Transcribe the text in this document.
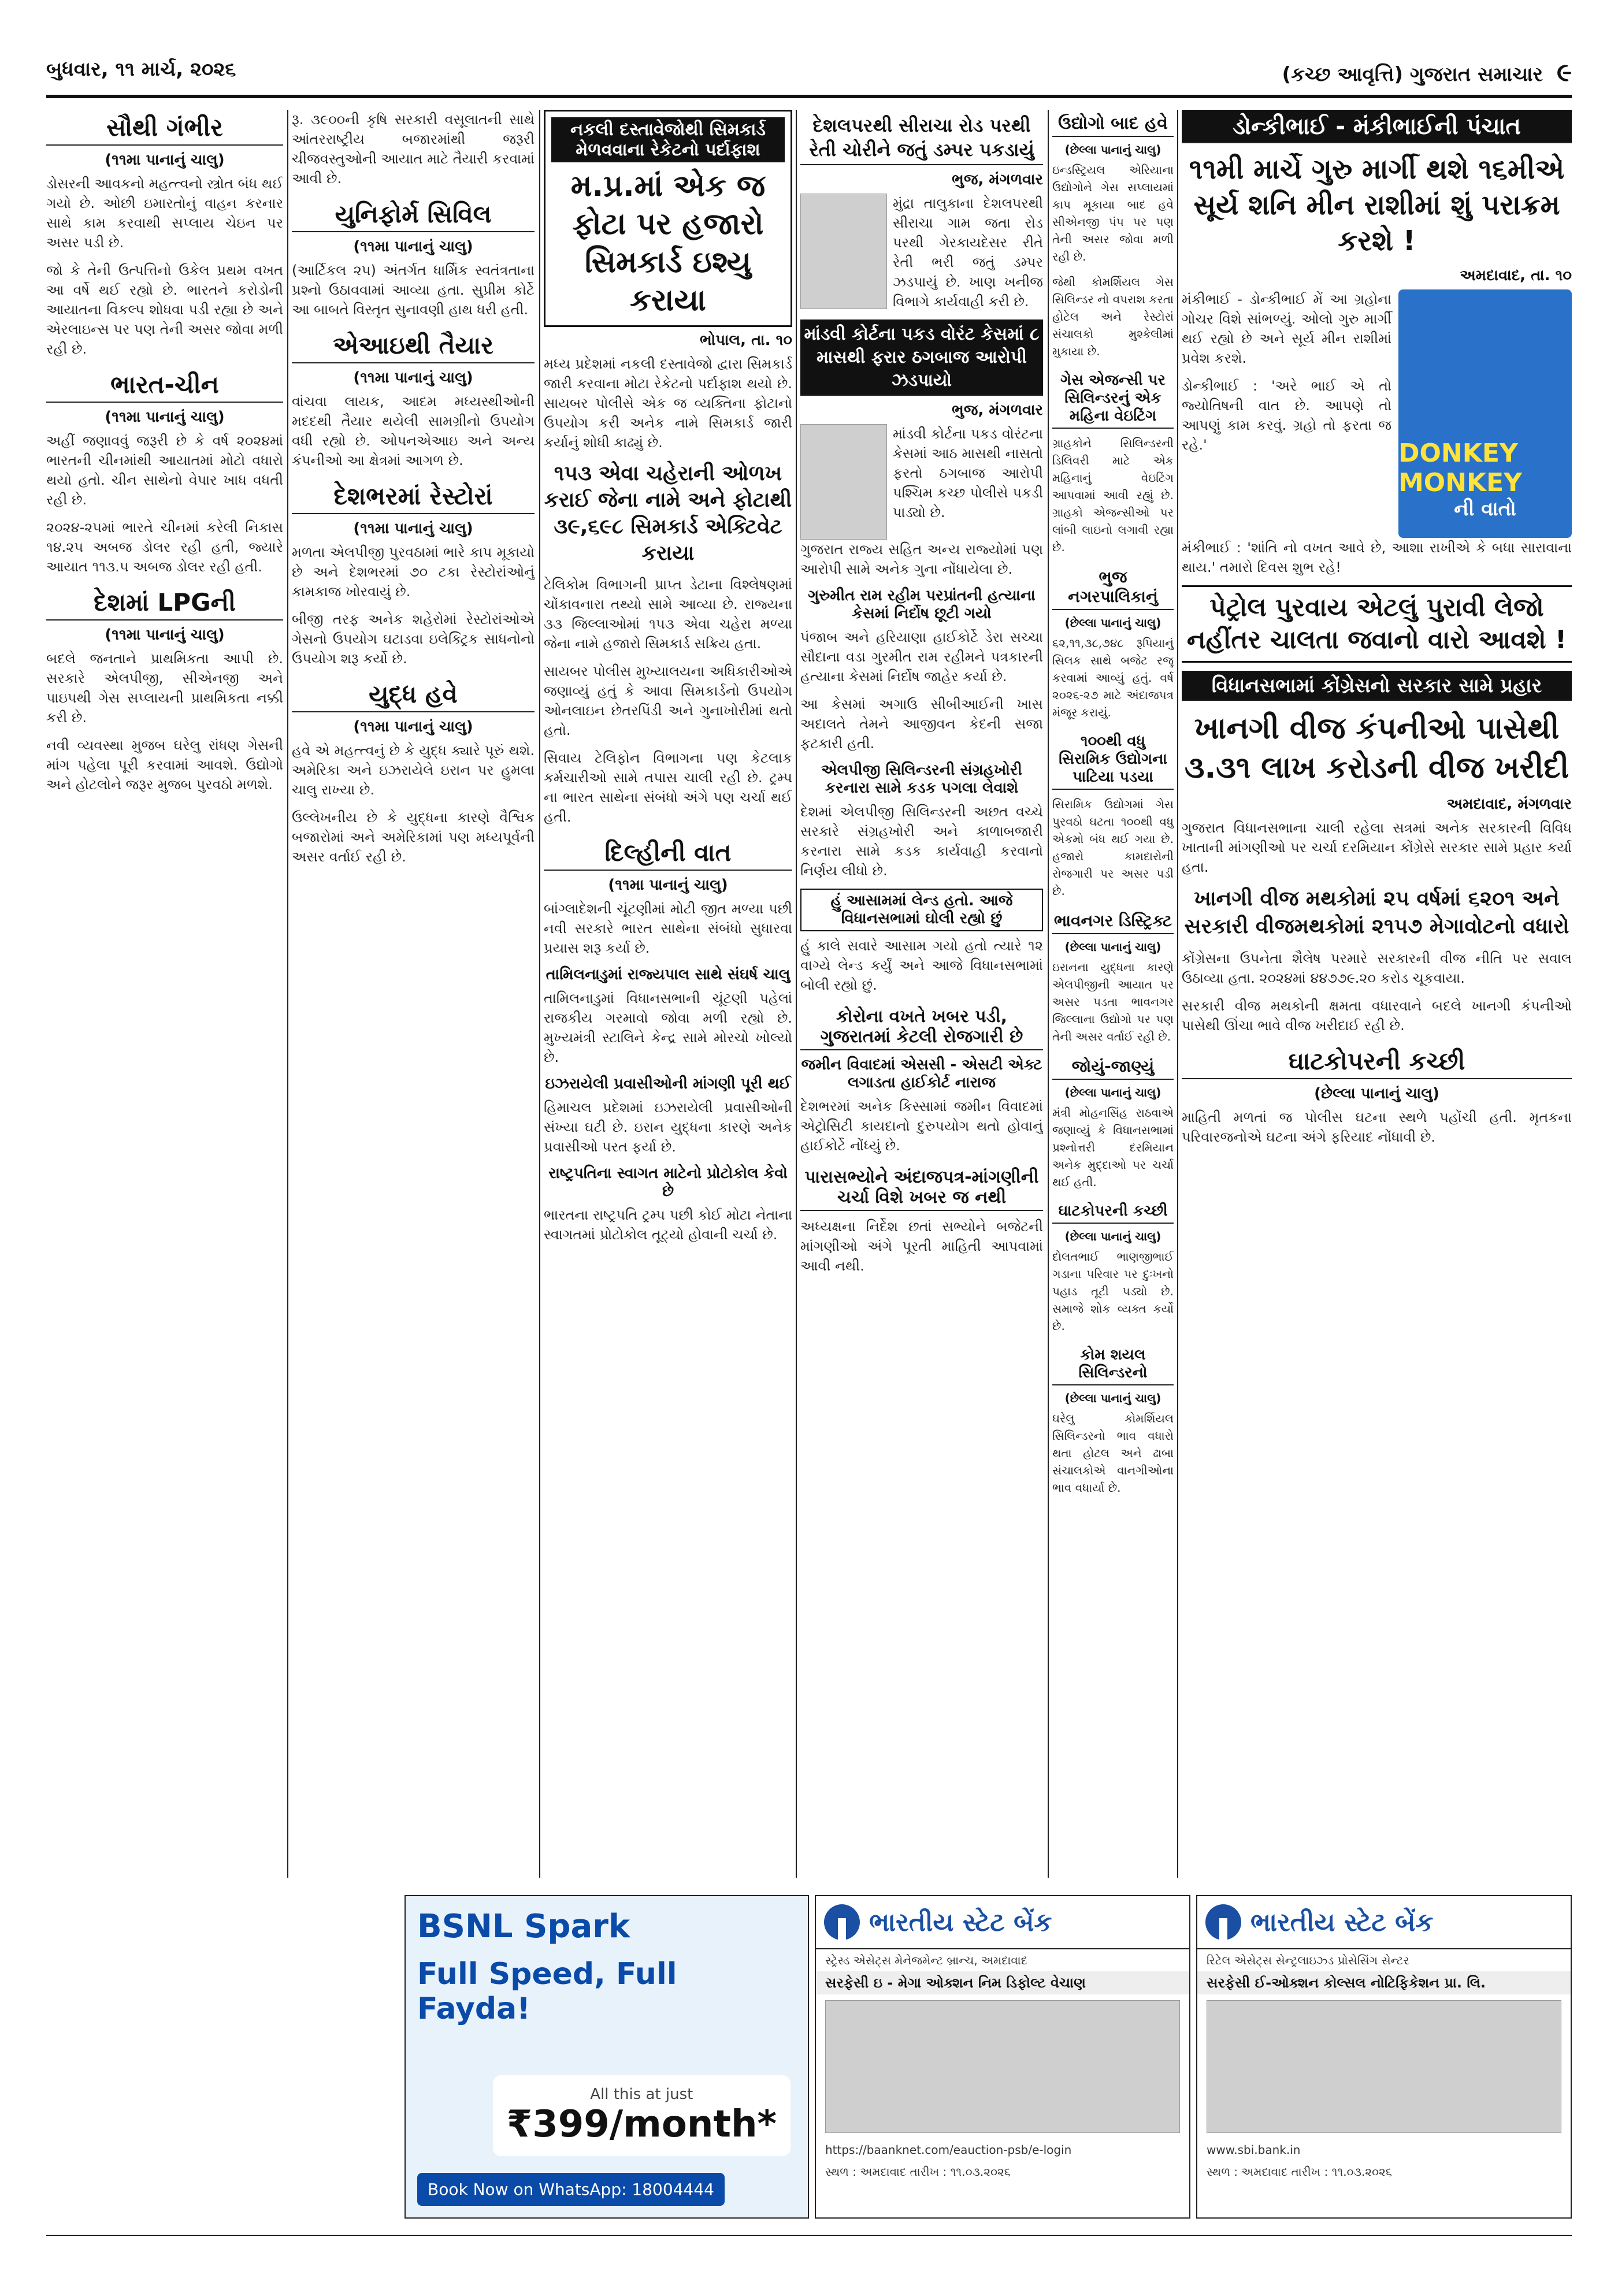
બુધવાર, ૧૧ માર્ચ, ૨૦૨૬	(કચ્છ આવૃત્તિ) ગુજરાત સમાચાર ૯
સૌથી ગંભીર
(૧૧મા પાનાનું ચાલુ)

ડોસરની આવકનો મહત્ત્વનો સ્ત્રોત બંધ થઈ ગયો છે. ઓછી ઇમારતોનું વાહન કરનાર સાથે કામ કરવાથી સપ્લાય ચેઇન પર અસર પડી છે.

જો કે તેની ઉત્પત્તિનો ઉકેલ પ્રથમ વખત આ વર્ષે થઈ રહ્યો છે. ભારતને કરોડોની આયાતના વિકલ્પ શોધવા પડી રહ્યા છે અને એરલાઇન્સ પર પણ તેની અસર જોવા મળી રહી છે.

ભારત-ચીન
(૧૧મા પાનાનું ચાલુ)

અહીં જણાવવું જરૂરી છે કે વર્ષ ૨૦૨૪માં ભારતની ચીનમાંથી આયાતમાં મોટો વધારો થયો હતો. ચીન સાથેનો વેપાર ખાધ વધતી રહી છે.

૨૦૨૪-૨૫માં ભારતે ચીનમાં કરેલી નિકાસ ૧૪.૨૫ અબજ ડોલર રહી હતી, જ્યારે આયાત ૧૧૩.૫ અબજ ડોલર રહી હતી.

દેશમાં LPGની
(૧૧મા પાનાનું ચાલુ)

બદલે જનતાને પ્રાથમિકતા આપી છે. સરકારે એલપીજી, સીએનજી અને પાઇપથી ગેસ સપ્લાયની પ્રાથમિકતા નક્કી કરી છે.

નવી વ્યવસ્થા મુજબ ઘરેલુ રાંધણ ગેસની માંગ પહેલા પૂરી કરવામાં આવશે. ઉદ્યોગો અને હોટલોને જરૂર મુજબ પુરવઠો મળશે.

રૂ. ૩૯૦૦ની કૃષિ સરકારી વસૂલાતની સાથે આંતરરાષ્ટ્રીય બજારમાંથી જરૂરી ચીજવસ્તુઓની આયાત માટે તૈયારી કરવામાં આવી છે.

યુનિફોર્મ સિવિલ
(૧૧મા પાનાનું ચાલુ)

(આર્ટિકલ ૨૫) અંતર્ગત ધાર્મિક સ્વતંત્રતાના પ્રશ્નો ઉઠાવવામાં આવ્યા હતા. સુપ્રીમ કોર્ટે આ બાબતે વિસ્તૃત સુનાવણી હાથ ધરી હતી.

એઆઇથી તૈયાર
(૧૧મા પાનાનું ચાલુ)

વાંચવા લાયક, આદમ મધ્યસ્થીઓની મદદથી તૈયાર થયેલી સામગ્રીનો ઉપયોગ વધી રહ્યો છે. ઓપનએઆઇ અને અન્ય કંપનીઓ આ ક્ષેત્રમાં આગળ છે.

દેશભરમાં રેસ્ટોરાં
(૧૧મા પાનાનું ચાલુ)

મળતા એલપીજી પુરવઠામાં ભારે કાપ મૂકાયો છે અને દેશભરમાં ૭૦ ટકા રેસ્ટોરાંઓનું કામકાજ ખોરવાયું છે.

બીજી તરફ અનેક શહેરોમાં રેસ્ટોરાંઓએ ગેસનો ઉપયોગ ઘટાડવા ઇલેક્ટ્રિક સાધનોનો ઉપયોગ શરૂ કર્યો છે.

યુદ્ધ હવે
(૧૧મા પાનાનું ચાલુ)

હવે એ મહત્ત્વનું છે કે યુદ્ધ ક્યારે પૂરું થશે. અમેરિકા અને ઇઝરાયેલે ઇરાન પર હુમલા ચાલુ રાખ્યા છે.

ઉલ્લેખનીય છે કે યુદ્ધના કારણે વૈશ્વિક બજારોમાં અને અમેરિકામાં પણ મધ્યપૂર્વની અસર વર્તાઈ રહી છે.

નકલી દસ્તાવેજોથી સિમકાર્ડ મેળવવાના રેકેટનો પર્દાફાશ
મ.પ્ર.માં એક જ ફોટા પર હજારો સિમકાર્ડ ઇશ્યુ કરાયા
ભોપાલ, તા. ૧૦

મધ્ય પ્રદેશમાં નકલી દસ્તાવેજો દ્વારા સિમકાર્ડ જારી કરવાના મોટા રેકેટનો પર્દાફાશ થયો છે. સાયબર પોલીસે એક જ વ્યક્તિના ફોટાનો ઉપયોગ કરી અનેક નામે સિમકાર્ડ જારી કર્યાનું શોધી કાઢ્યું છે.

૧૫૩ એવા ચહેરાની ઓળખ કરાઈ જેના નામે અને ફોટાથી ૩૯,૬૯૮ સિમકાર્ડ એક્ટિવેટ કરાયા

ટેલિકોમ વિભાગની પ્રાપ્ત ડેટાના વિશ્લેષણમાં ચોંકાવનારા તથ્યો સામે આવ્યા છે. રાજ્યના ૩૩ જિલ્લાઓમાં ૧૫૩ એવા ચહેરા મળ્યા જેના નામે હજારો સિમકાર્ડ સક્રિય હતા.

સાયબર પોલીસ મુખ્યાલયના અધિકારીઓએ જણાવ્યું હતું કે આવા સિમકાર્ડનો ઉપયોગ ઓનલાઇન છેતરપિંડી અને ગુનાખોરીમાં થતો હતો.

સિવાય ટેલિફોન વિભાગના પણ કેટલાક કર્મચારીઓ સામે તપાસ ચાલી રહી છે. ટ્રમ્પ ના ભારત સાથેના સંબંધો અંગે પણ ચર્ચા થઈ હતી.

દિલ્હીની વાત
(૧૧મા પાનાનું ચાલુ)

બાંગ્લાદેશની ચૂંટણીમાં મોટી જીત મળ્યા પછી નવી સરકારે ભારત સાથેના સંબંધો સુધારવા પ્રયાસ શરૂ કર્યા છે.

તામિલનાડુમાં રાજ્યપાલ સાથે સંઘર્ષ ચાલુ

તામિલનાડુમાં વિધાનસભાની ચૂંટણી પહેલાં રાજકીય ગરમાવો જોવા મળી રહ્યો છે. મુખ્યમંત્રી સ્ટાલિને કેન્દ્ર સામે મોરચો ખોલ્યો છે.

ઇઝરાયેલી પ્રવાસીઓની માંગણી પૂરી થઈ

હિમાચલ પ્રદેશમાં ઇઝરાયેલી પ્રવાસીઓની સંખ્યા ઘટી છે. ઇરાન યુદ્ધના કારણે અનેક પ્રવાસીઓ પરત ફર્યા છે.

રાષ્ટ્રપતિના સ્વાગત માટેનો પ્રોટોકોલ કેવો છે

ભારતના રાષ્ટ્રપતિ ટ્રમ્પ પછી કોઈ મોટા નેતાના સ્વાગતમાં પ્રોટોકોલ તૂટ્યો હોવાની ચર્ચા છે.

દેશલપરથી સીરાચા રોડ પરથી રેતી ચોરીને જતું ડમ્પર પકડાયું
ભુજ, મંગળવાર

મુંદ્રા તાલુકાના દેશલપરથી સીરાચા ગામ જતા રોડ પરથી ગેરકાયદેસર રીતે રેતી ભરી જતું ડમ્પર ઝડપાયું છે. ખાણ ખનીજ વિભાગે કાર્યવાહી કરી છે.

માંડવી કોર્ટના પકડ વોરંટ કેસમાં ૮ માસથી ફરાર ઠગબાજ આરોપી ઝડપાયો
ભુજ, મંગળવાર

માંડવી કોર્ટના પકડ વોરંટના કેસમાં આઠ માસથી નાસતો ફરતો ઠગબાજ આરોપી પશ્ચિમ કચ્છ પોલીસે પકડી પાડ્યો છે.

ગુજરાત રાજ્ય સહિત અન્ય રાજ્યોમાં પણ આરોપી સામે અનેક ગુના નોંધાયેલા છે.

ગુરુમીત રામ રહીમ પરપ્રાંતની હત્યાના કેસમાં નિર્દોષ છૂટી ગયો

પંજાબ અને હરિયાણા હાઈકોર્ટે ડેરા સચ્ચા સૌદાના વડા ગુરમીત રામ રહીમને પત્રકારની હત્યાના કેસમાં નિર્દોષ જાહેર કર્યા છે.

આ કેસમાં અગાઉ સીબીઆઈની ખાસ અદાલતે તેમને આજીવન કેદની સજા ફટકારી હતી.

એલપીજી સિલિન્ડરની સંગ્રહખોરી કરનારા સામે કડક પગલા લેવાશે

દેશમાં એલપીજી સિલિન્ડરની અછત વચ્ચે સરકારે સંગ્રહખોરી અને કાળાબજારી કરનારા સામે કડક કાર્યવાહી કરવાનો નિર્ણય લીધો છે.

હું આસામમાં લેન્ડ હતો. આજે વિધાનસભામાં ઘોલી રહ્યો છું

હું કાલે સવારે આસામ ગયો હતો ત્યારે ૧૨ વાગ્યે લેન્ડ કર્યું અને આજે વિધાનસભામાં બોલી રહ્યો છું.

કોરોના વખતે ખબર પડી, ગુજરાતમાં કેટલી રોજગારી છે
જમીન વિવાદમાં એસસી - એસટી એક્ટ લગાડતા હાઈકોર્ટ નારાજ

દેશભરમાં અનેક કિસ્સામાં જમીન વિવાદમાં એટ્રોસિટી કાયદાનો દુરુપયોગ થતો હોવાનું હાઈકોર્ટે નોંધ્યું છે.

પારાસભ્યોને અંદાજપત્ર-માંગણીની ચર્ચા વિશે ખબર જ નથી

અધ્યક્ષના નિર્દેશ છતાં સભ્યોને બજેટની માંગણીઓ અંગે પૂરતી માહિતી આપવામાં આવી નથી.

ઉદ્યોગો બાદ હવે
(છેલ્લા પાનાનું ચાલુ)

ઇન્ડસ્ટ્રિયલ એરિયાના ઉદ્યોગોને ગેસ સપ્લાયમાં કાપ મૂકાયા બાદ હવે સીએનજી પંપ પર પણ તેની અસર જોવા મળી રહી છે.

જેથી કોમર્શિયલ ગેસ સિલિન્ડર નો વપરાશ કરતા હોટેલ અને રેસ્ટોરાં સંચાલકો મુશ્કેલીમાં મુકાયા છે.

ગેસ એજન્સી પર સિલિન્ડરનું એક મહિના વેઇટિંગ

ગ્રાહકોને સિલિન્ડરની ડિલિવરી માટે એક મહિનાનું વેઇટિંગ આપવામાં આવી રહ્યું છે. ગ્રાહકો એજન્સીઓ પર લાંબી લાઇનો લગાવી રહ્યા છે.

ભુજ નગરપાલિકાનું
(છેલ્લા પાનાનું ચાલુ)

૬૨,૧૧,૩૮,૭૪૮ રૂપિયાનું સિલક સાથે બજેટ રજૂ કરવામાં આવ્યું હતું. વર્ષ ૨૦૨૬-૨૭ માટે અંદાજપત્ર મંજૂર કરાયું.

૧૦૦થી વધુ સિરામિક ઉદ્યોગના પાટિયા પડયા

સિરામિક ઉદ્યોગમાં ગેસ પુરવઠો ઘટતા ૧૦૦થી વધુ એકમો બંધ થઈ ગયા છે. હજારો કામદારોની રોજગારી પર અસર પડી છે.

ભાવનગર ડિસ્ટ્રિક્ટ
(છેલ્લા પાનાનું ચાલુ)

ઇરાનના યુદ્ધના કારણે એલપીજીની આયાત પર અસર પડતા ભાવનગર જિલ્લાના ઉદ્યોગો પર પણ તેની અસર વર્તાઈ રહી છે.

જોયું-જાણ્યું
(છેલ્લા પાનાનું ચાલુ)

મંત્રી મોહનસિંહ રાઠવાએ જણાવ્યું કે વિધાનસભામાં પ્રશ્નોત્તરી દરમિયાન અનેક મુદ્દાઓ પર ચર્ચા થઈ હતી.

ઘાટકોપરની કચ્છી
(છેલ્લા પાનાનું ચાલુ)

દોલતભાઈ ભાણજીભાઈ ગડાના પરિવાર પર દુઃખનો પહાડ તૂટી પડ્યો છે. સમાજે શોક વ્યક્ત કર્યો છે.

કોમ શયલ સિલિન્ડરનો
(છેલ્લા પાનાનું ચાલુ)

ઘરેલુ કોમર્શિયલ સિલિન્ડરનો ભાવ વધારો થતા હોટલ અને ઢાબા સંચાલકોએ વાનગીઓના ભાવ વધાર્યા છે.

ડોન્કીભાઈ - મંકીભાઈની પંચાત
૧૧મી માર્ચે ગુરુ માર્ગી થશે ૧૬મીએ સૂર્ય શનિ મીન રાશીમાં શું પરાક્રમ કરશે !
અમદાવાદ, તા. ૧૦

મંકીભાઈ - ડોન્કીભાઈ મેં આ ગ્રહોના ગોચર વિશે સાંભળ્યું. ઓલો ગુરુ માર્ગી થઈ રહ્યો છે અને સૂર્ય મીન રાશીમાં પ્રવેશ કરશે.

ડોન્કીભાઈ : 'અરે ભાઈ એ તો જ્યોતિષની વાત છે. આપણે તો આપણું કામ કરવું. ગ્રહો તો ફરતા જ રહે.'	DONKEY MONKEY
ની વાતો

મંકીભાઈ : 'શાંતિ નો વખત આવે છે, આશા રાખીએ કે બધા સારાવાના થાય.' તમારો દિવસ શુભ રહે!

પેટ્રોલ પુરવાય એટલું પુરાવી લેજો નહીંતર ચાલતા જવાનો વારો આવશે !
વિધાનસભામાં કોંગ્રેસનો સરકાર સામે પ્રહાર
ખાનગી વીજ કંપનીઓ પાસેથી ૩.૩૧ લાખ કરોડની વીજ ખરીદી
અમદાવાદ, મંગળવાર

ગુજરાત વિધાનસભાના ચાલી રહેલા સત્રમાં અનેક સરકારની વિવિધ ખાતાની માંગણીઓ પર ચર્ચા દરમિયાન કોંગ્રેસે સરકાર સામે પ્રહાર કર્યા હતા.

ખાનગી વીજ મથકોમાં ૨૫ વર્ષમાં ૬૨૦૧ અને સરકારી વીજમથકોમાં ૨૧૫૭ મેગાવોટનો વધારો

કોંગ્રેસના ઉપનેતા શૈલેષ પરમારે સરકારની વીજ નીતિ પર સવાલ ઉઠાવ્યા હતા. ૨૦૨૪માં ૪૪૭૭૯.૨૦ કરોડ ચૂકવાયા.

સરકારી વીજ મથકોની ક્ષમતા વધારવાને બદલે ખાનગી કંપનીઓ પાસેથી ઊંચા ભાવે વીજ ખરીદાઈ રહી છે.

ઘાટકોપરની કચ્છી
(છેલ્લા પાનાનું ચાલુ)

માહિતી મળતાં જ પોલીસ ઘટના સ્થળે પહોંચી હતી. મૃતકના પરિવારજનોએ ઘટના અંગે ફરિયાદ નોંધાવી છે.

BSNL Spark
Full Speed, Full Fayda!
All this at just
₹399/month*
Book Now on WhatsApp: 18004444
ભારતીય સ્ટેટ બેંક
સ્ટ્રેસ્ડ એસેટ્સ મેનેજમેન્ટ બ્રાન્ચ, અમદાવાદ
સરફેસી ઇ - મેગા ઓક્શન નિમ ડિફોલ્ટ વેચાણ
https://baanknet.com/eauction-psb/e-login
સ્થળ : અમદાવાદ તારીખ : ૧૧.૦૩.૨૦૨૬
ભારતીય સ્ટેટ બેંક
રિટેલ એસેટ્સ સેન્ટ્રલાઇઝ્ડ પ્રોસેસિંગ સેન્ટર
સરફેસી ઈ-ઓક્શન કોલ્સલ નોટિફિકેશન પ્રા. લિ.
www.sbi.bank.in
સ્થળ : અમદાવાદ તારીખ : ૧૧.૦૩.૨૦૨૬
